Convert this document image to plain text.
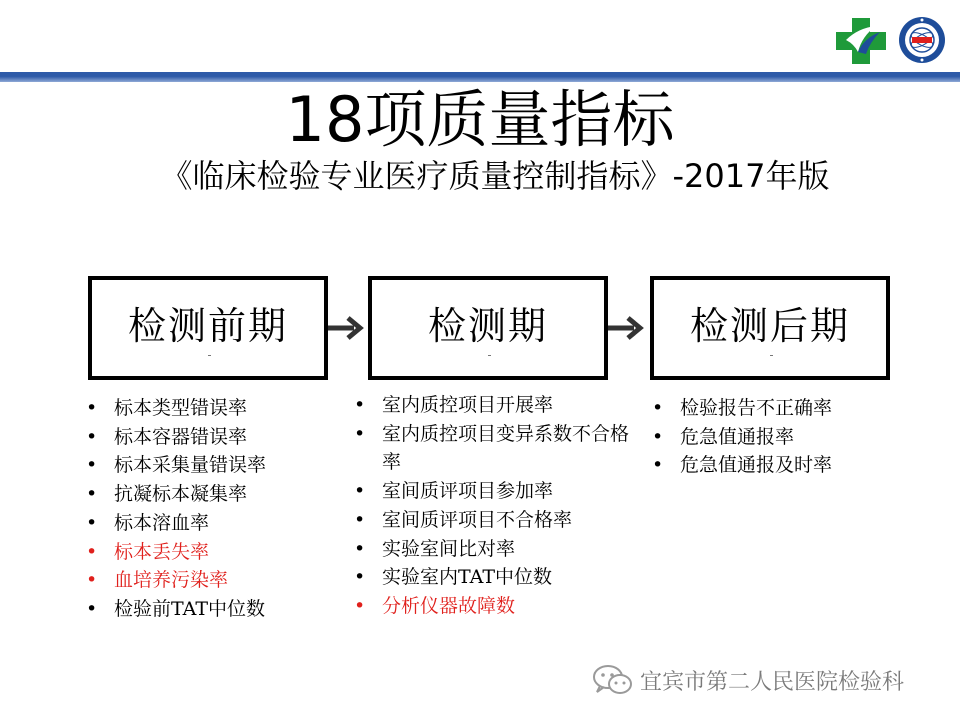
18项质量指标
《临床检验专业医疗质量控制指标》-2017年版
检测前期	检测期	检测后期
• 标本类型错误率
• 标本容器错误率
• 标本采集量错误率
• 抗凝标本凝集率
• 标本溶血率
• 标本丢失率
• 血培养污染率
• 检验前TAT中位数
• 室内质控项目开展率
• 室内质控项目变异系数不合格率
• 室间质评项目参加率
• 室间质评项目不合格率
• 实验室间比对率
• 实验室内TAT中位数
• 分析仪器故障数
• 检验报告不正确率
• 危急值通报率
• 危急值通报及时率
宜宾市第二人民医院检验科
